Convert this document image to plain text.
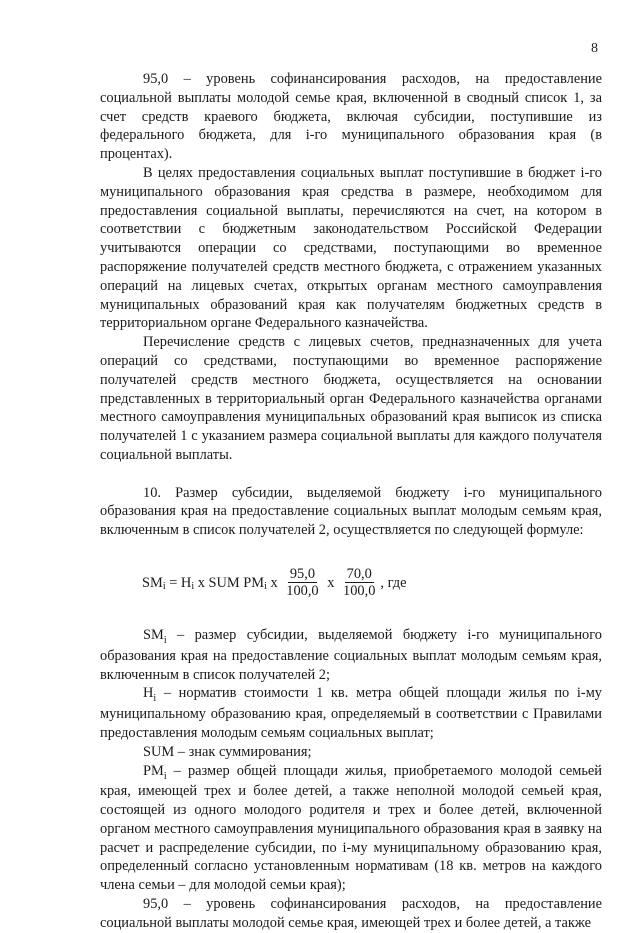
8

95,0 – уровень софинансирования расходов, на предоставление социальной выплаты молодой семье края, включенной в сводный список 1, за счет средств краевого бюджета, включая субсидии, поступившие из федерального бюджета, для i-го муниципального образования края (в процентах).

В целях предоставления социальных выплат поступившие в бюджет i-го муниципального образования края средства в размере, необходимом для предоставления социальной выплаты, перечисляются на счет, на котором в соответствии с бюджетным законодательством Российской Федерации учитываются операции со средствами, поступающими во временное распоряжение получателей средств местного бюджета, с отражением указанных операций на лицевых счетах, открытых органам местного самоуправления муниципальных образований края как получателям бюджетных средств в территориальном органе Федерального казначейства.

Перечисление средств с лицевых счетов, предназначенных для учета операций со средствами, поступающими во временное распоряжение получателей средств местного бюджета, осуществляется на основании представленных в территориальный орган Федерального казначейства органами местного самоуправления муниципальных образований края выписок из списка получателей 1 с указанием размера социальной выплаты для каждого получателя социальной выплаты.

10. Размер субсидии, выделяемой бюджету i-го муниципального образования края на предоставление социальных выплат молодым семьям края, включенным в список получателей 2, осуществляется по следующей формуле:

SM i = H i x SUM PM i x $\frac{95,0}{100,0}$ x $\frac{70,0}{100,0}$ , где

$SM_i$ – размер субсидии, выделяемой бюджету i-го муниципального образования края на предоставление социальных выплат молодым семьям края, включенным в список получателей 2;

$H_i$ – норматив стоимости 1 кв. метра общей площади жилья по i-му муниципальному образованию края, определяемый в соответствии с Правилами предоставления молодым семьям социальных выплат;

SUM – знак суммирования;

$PM_i$ – размер общей площади жилья, приобретаемого молодой семьей края, имеющей трех и более детей, а также неполной молодой семьей края, состоящей из одного молодого родителя и трех и более детей, включенной органом местного самоуправления муниципального образования края в заявку на расчет и распределение субсидии, по i-му муниципальному образованию края, определенный согласно установленным нормативам (18 кв. метров на каждого члена семьи – для молодой семьи края);

95,0 – уровень софинансирования расходов, на предоставление социальной выплаты молодой семье края, имеющей трех и более детей, а также
